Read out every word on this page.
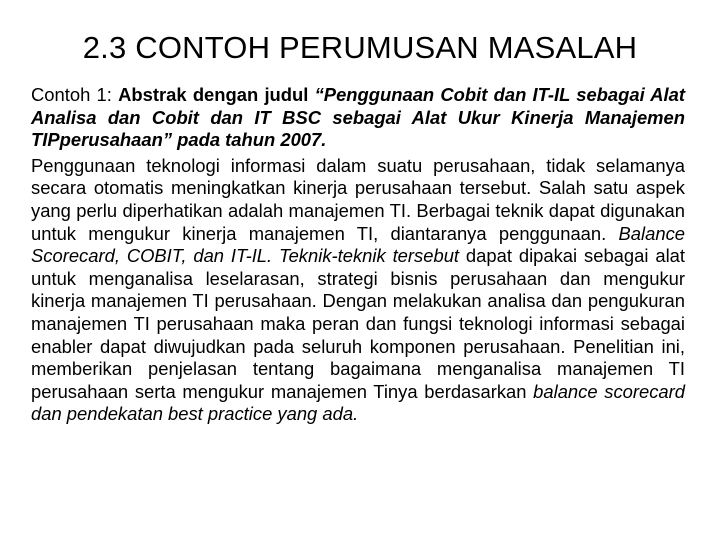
2.3 CONTOH PERUMUSAN MASALAH

Contoh 1: Abstrak dengan judul “Penggunaan Cobit dan IT-IL sebagai Alat Analisa dan Cobit dan IT BSC sebagai Alat Ukur Kinerja Manajemen TIPperusahaan” pada tahun 2007.

Penggunaan teknologi informasi dalam suatu perusahaan, tidak selamanya secara otomatis meningkatkan kinerja perusahaan tersebut. Salah satu aspek yang perlu diperhatikan adalah manajemen TI. Berbagai teknik dapat digunakan untuk mengukur kinerja manajemen TI, diantaranya penggunaan. Balance Scorecard, COBIT, dan IT-IL. Teknik-teknik tersebut dapat dipakai sebagai alat untuk menganalisa leselarasan, strategi bisnis perusahaan dan mengukur kinerja manajemen TI perusahaan. Dengan melakukan analisa dan pengukuran manajemen TI perusahaan maka peran dan fungsi teknologi informasi sebagai enabler dapat diwujudkan pada seluruh komponen perusahaan. Penelitian ini, memberikan penjelasan tentang bagaimana menganalisa manajemen TI perusahaan serta mengukur manajemen Tinya berdasarkan balance scorecard dan pendekatan best practice yang ada.
